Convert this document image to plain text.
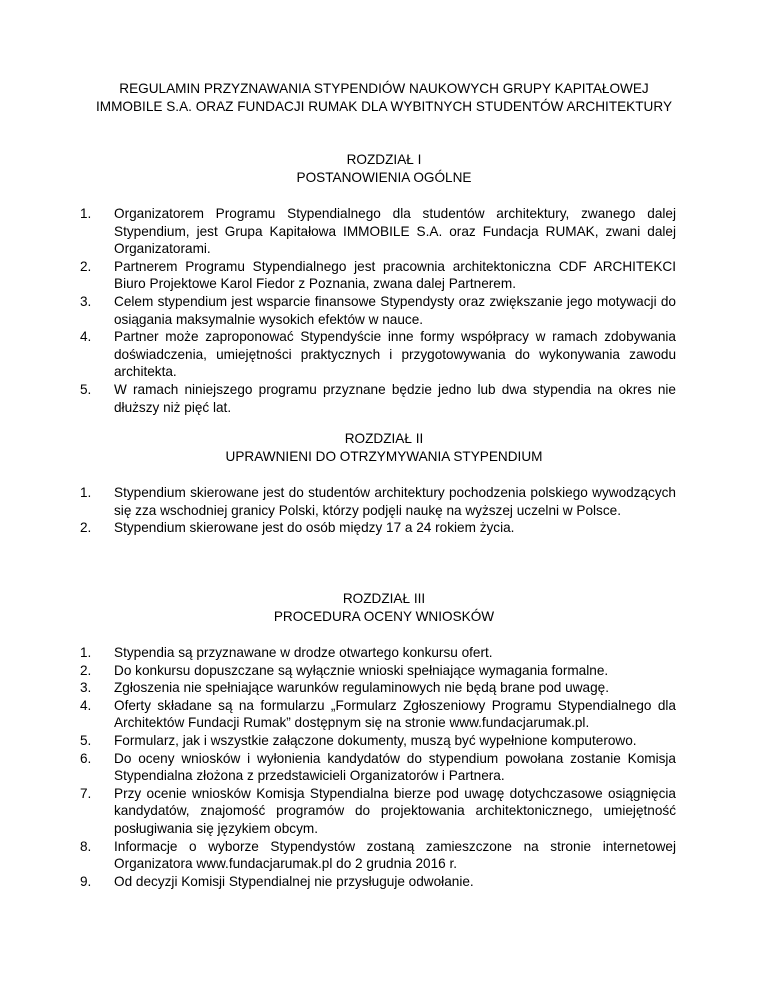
REGULAMIN PRZYZNAWANIA STYPENDIÓW NAUKOWYCH GRUPY KAPITAŁOWEJ
IMMOBILE S.A. ORAZ FUNDACJI RUMAK DLA WYBITNYCH STUDENTÓW ARCHITEKTURY
ROZDZIAŁ I
POSTANOWIENIA OGÓLNE
1.	Organizatorem Programu Stypendialnego dla studentów architektury, zwanego dalej Stypendium, jest Grupa Kapitałowa IMMOBILE S.A. oraz Fundacja RUMAK, zwani dalej Organizatorami.
2.	Partnerem Programu Stypendialnego jest pracownia architektoniczna CDF ARCHITEKCI Biuro Projektowe Karol Fiedor z Poznania, zwana dalej Partnerem.
3.	Celem stypendium jest wsparcie finansowe Stypendysty oraz zwiększanie jego motywacji do osiągania maksymalnie wysokich efektów w nauce.
4.	Partner może zaproponować Stypendyście inne formy współpracy w ramach zdobywania doświadczenia, umiejętności praktycznych i przygotowywania do wykonywania zawodu architekta.
5.	W ramach niniejszego programu przyznane będzie jedno lub dwa stypendia na okres nie dłuższy niż pięć lat.
ROZDZIAŁ II
UPRAWNIENI DO OTRZYMYWANIA STYPENDIUM
1.	Stypendium skierowane jest do studentów architektury pochodzenia polskiego wywodzących się zza wschodniej granicy Polski, którzy podjęli naukę na wyższej uczelni w Polsce.
2.	Stypendium skierowane jest do osób między 17 a 24 rokiem życia.
ROZDZIAŁ III
PROCEDURA OCENY WNIOSKÓW
1.	Stypendia są przyznawane w drodze otwartego konkursu ofert.
2.	Do konkursu dopuszczane są wyłącznie wnioski spełniające wymagania formalne.
3.	Zgłoszenia nie spełniające warunków regulaminowych nie będą brane pod uwagę.
4.	Oferty składane są na formularzu „Formularz Zgłoszeniowy Programu Stypendialnego dla Architektów Fundacji Rumak” dostępnym się na stronie www.fundacjarumak.pl.
5.	Formularz, jak i wszystkie załączone dokumenty, muszą być wypełnione komputerowo.
6.	Do oceny wniosków i wyłonienia kandydatów do stypendium powołana zostanie Komisja Stypendialna złożona z przedstawicieli Organizatorów i Partnera.
7.	Przy ocenie wniosków Komisja Stypendialna bierze pod uwagę dotychczasowe osiągnięcia kandydatów, znajomość programów do projektowania architektonicznego, umiejętność posługiwania się językiem obcym.
8.	Informacje o wyborze Stypendystów zostaną zamieszczone na stronie internetowej Organizatora www.fundacjarumak.pl do 2 grudnia 2016 r.
9.	Od decyzji Komisji Stypendialnej nie przysługuje odwołanie.
